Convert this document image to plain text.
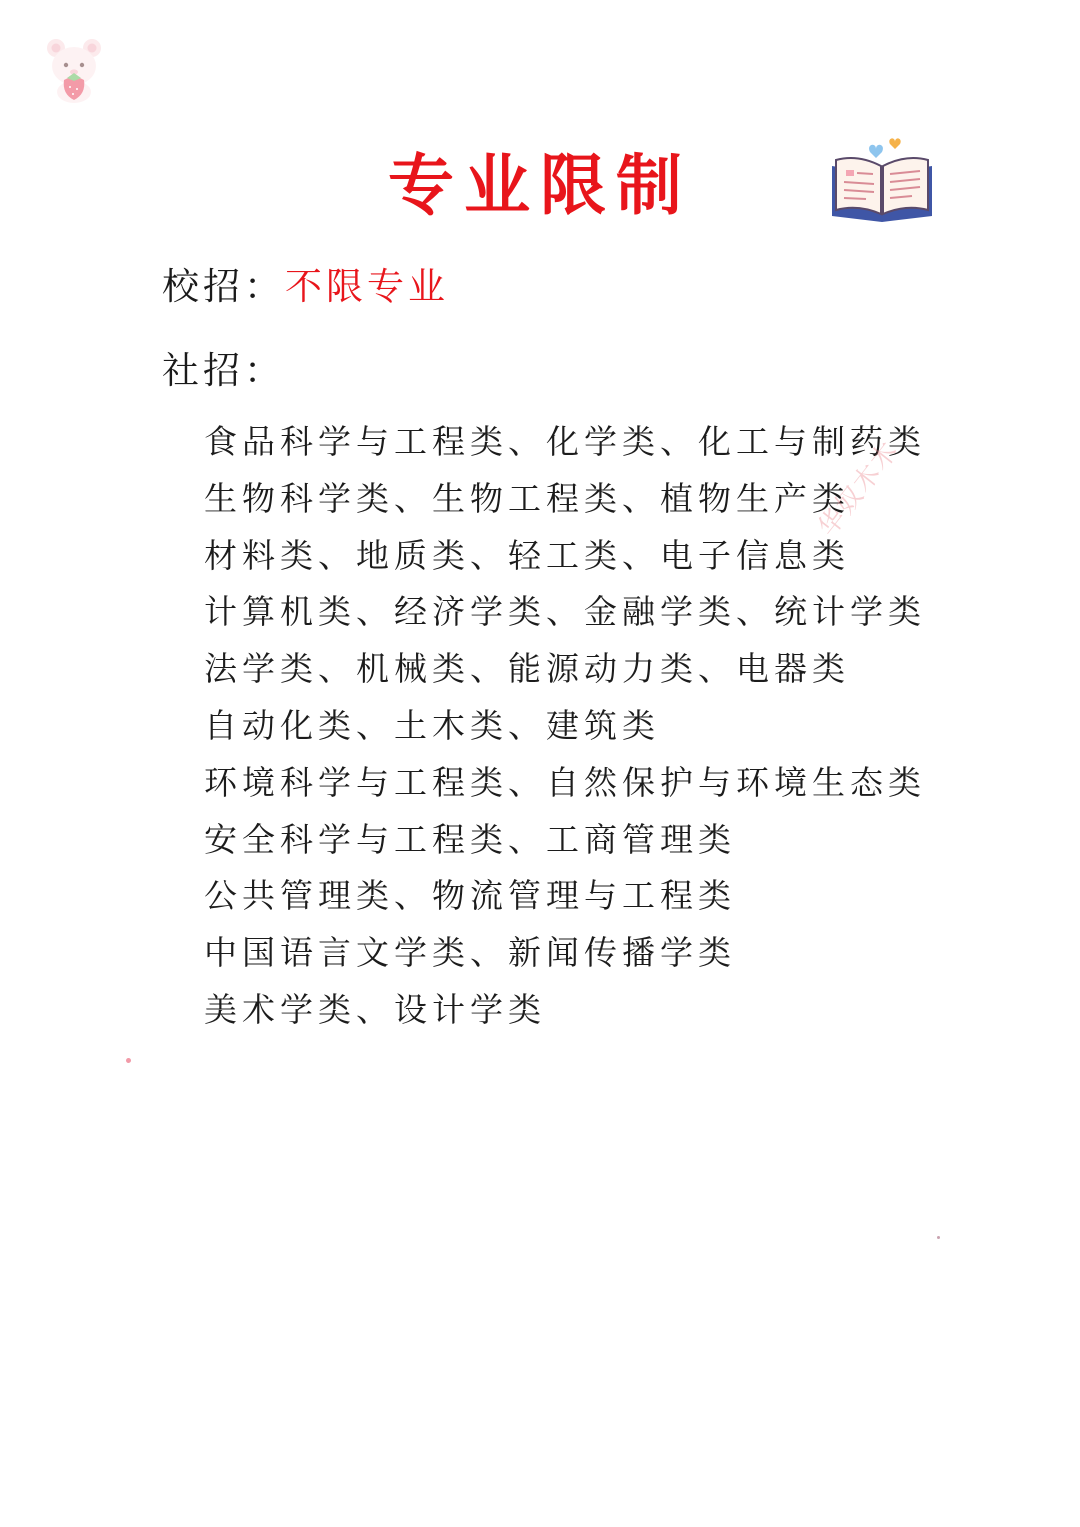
专业限制
校招：不限专业
社招：
食品科学与工程类、化学类、化工与制药类
生物科学类、生物工程类、植物生产类
材料类、地质类、轻工类、电子信息类
计算机类、经济学类、金融学类、统计学类
法学类、机械类、能源动力类、电器类
自动化类、土木类、建筑类
环境科学与工程类、自然保护与环境生态类
安全科学与工程类、工商管理类
公共管理类、物流管理与工程类
中国语言文学类、新闻传播学类
美术学类、设计学类
华奴木木
